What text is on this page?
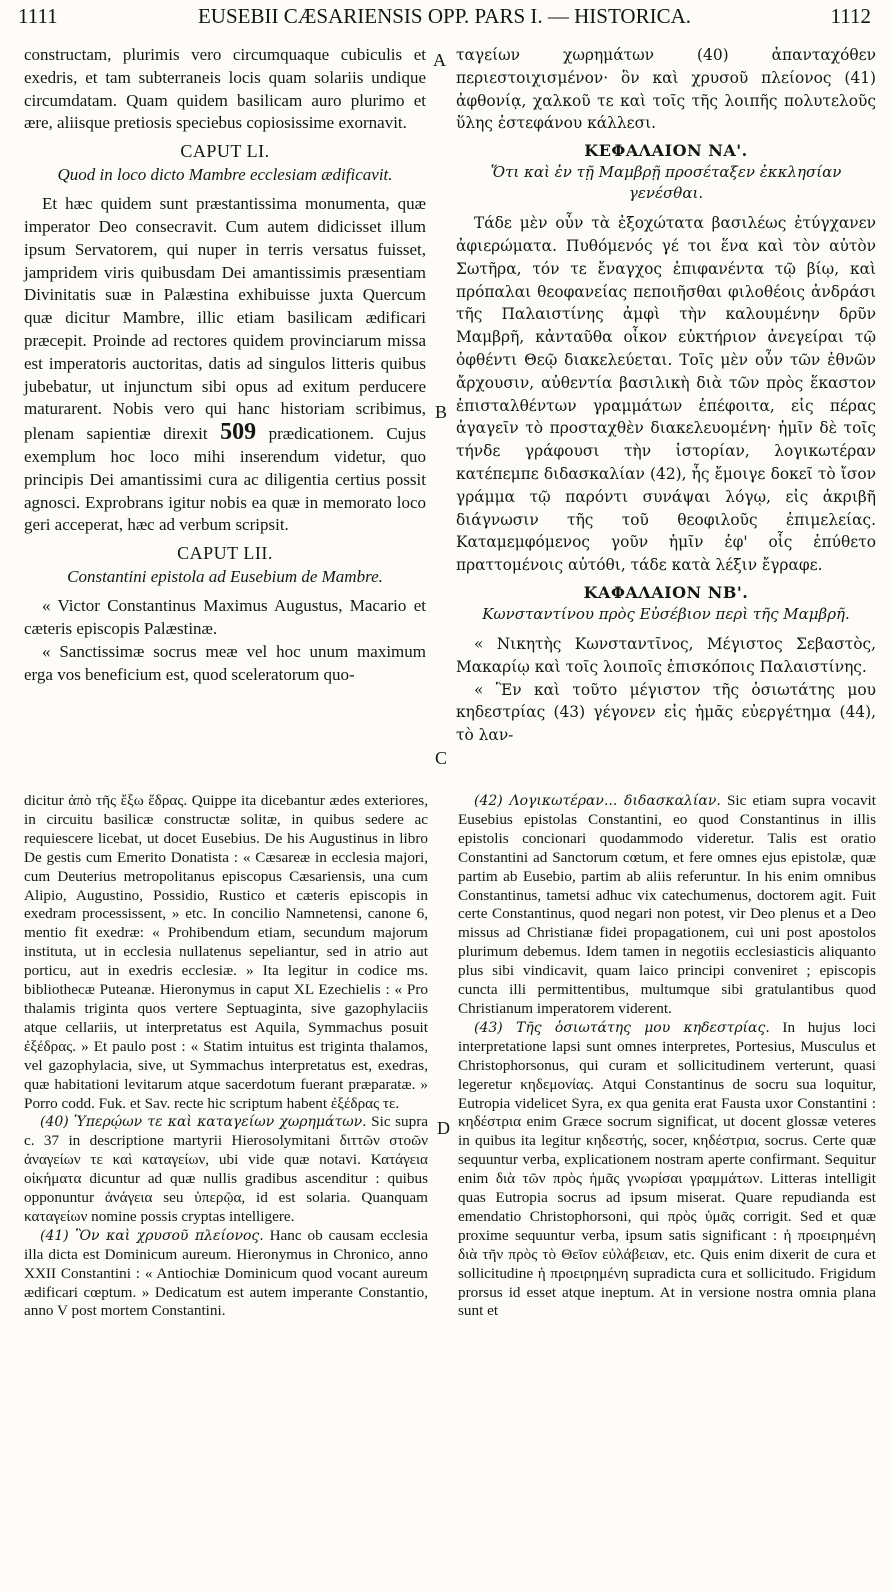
1111	EUSEBII CÆSARIENSIS OPP. PARS I. — HISTORICA.	1112

constructam, plurimis vero circumquaque cubiculis et exedris, et tam subterraneis locis quam solariis undique circumdatam. Quam quidem basilicam auro plurimo et ære, aliisque pretiosis speciebus copiosissime exornavit.

CAPUT LI.
Quod in loco dicto Mambre ecclesiam ædificavit.

Et hæc quidem sunt præstantissima monumenta, quæ imperator Deo consecravit. Cum autem didicisset illum ipsum Servatorem, qui nuper in terris versatus fuisset, jampridem viris quibusdam Dei amantissimis præsentiam Divinitatis suæ in Palæstina exhibuisse juxta Quercum quæ dicitur Mambre, illic etiam basilicam ædificari præcepit. Proinde ad rectores quidem provinciarum missa est imperatoris auctoritas, datis ad singulos litteris quibus jubebatur, ut injunctum sibi opus ad exitum perducere maturarent. Nobis vero qui hanc historiam scribimus, plenam sapientiæ direxit 509 prædicationem. Cujus exemplum hoc loco mihi inserendum videtur, quo principis Dei amantissimi cura ac diligentia certius possit agnosci. Exprobrans igitur nobis ea quæ in memorato loco geri acceperat, hæc ad verbum scripsit.

CAPUT LII.
Constantini epistola ad Eusebium de Mambre.

« Victor Constantinus Maximus Augustus, Macario et cæteris episcopis Palæstinæ.

« Sanctissimæ socrus meæ vel hoc unum maximum erga vos beneficium est, quod sceleratorum quo-

A
B
C
D

ταγείων χωρημάτων (40) ἀπανταχόθεν περιεστοιχισμένον· ὃν καὶ χρυσοῦ πλείονος (41) ἀφθονίᾳ, χαλκοῦ τε καὶ τοῖς τῆς λοιπῆς πολυτελοῦς ὕλης ἐστεφάνου κάλλεσι.

ΚΕΦΑΛΑΙΟΝ ΝΑ'.
Ὅτι καὶ ἐν τῇ Μαμβρῇ προσέταξεν ἐκκλησίαν γενέσθαι.

Τάδε μὲν οὖν τὰ ἐξοχώτατα βασιλέως ἐτύγχανεν ἀφιερώματα. Πυθόμενός γέ τοι ἕνα καὶ τὸν αὐτὸν Σωτῆρα, τόν τε ἔναγχος ἐπιφανέντα τῷ βίῳ, καὶ πρόπαλαι θεοφανείας πεποιῆσθαι φιλοθέοις ἀνδράσι τῆς Παλαιστίνης ἀμφὶ τὴν καλουμένην δρῦν Μαμβρῆ, κἀνταῦθα οἶκον εὐκτήριον ἀνεγείραι τῷ ὀφθέντι Θεῷ διακελεύεται. Τοῖς μὲν οὖν τῶν ἐθνῶν ἄρχουσιν, αὐθεντία βασιλικὴ διὰ τῶν πρὸς ἕκαστον ἐπισταλθέντων γραμμάτων ἐπέφοιτα, εἰς πέρας ἀγαγεῖν τὸ προσταχθὲν διακελευομένη· ἡμῖν δὲ τοῖς τήνδε γράφουσι τὴν ἱστορίαν, λογικωτέραν κατέπεμπε διδασκαλίαν (42), ἧς ἔμοιγε δοκεῖ τὸ ἴσον γράμμα τῷ παρόντι συνάψαι λόγῳ, εἰς ἀκριβῆ διάγνωσιν τῆς τοῦ θεοφιλοῦς ἐπιμελείας. Καταμεμφόμενος γοῦν ἡμῖν ἐφ' οἷς ἐπύθετο πραττομένοις αὐτόθι, τάδε κατὰ λέξιν ἔγραφε.

ΚΑΦΑΛΑΙΟΝ ΝΒ'.
Κωνσταντίνου πρὸς Εὐσέβιον περὶ τῆς Μαμβρῆ.

« Νικητὴς Κωνσταντῖνος, Μέγιστος Σεβαστὸς, Μακαρίῳ καὶ τοῖς λοιποῖς ἐπισκόποις Παλαιστίνης.

« Ἓν καὶ τοῦτο μέγιστον τῆς ὁσιωτάτης μου κηδεστρίας (43) γέγονεν εἰς ἡμᾶς εὐεργέτημα (44), τὸ λαν-

dicitur ἀπὸ τῆς ἔξω ἕδρας. Quippe ita dicebantur ædes exteriores, in circuitu basilicæ constructæ solitæ, in quibus sedere ac requiescere licebat, ut docet Eusebius. De his Augustinus in libro De gestis cum Emerito Donatista : « Cæsareæ in ecclesia majori, cum Deuterius metropolitanus episcopus Cæsariensis, una cum Alipio, Augustino, Possidio, Rustico et cæteris episcopis in exedram processissent, » etc. In concilio Namnetensi, canone 6, mentio fit exedræ: « Prohibendum etiam, secundum majorum instituta, ut in ecclesia nullatenus sepeliantur, sed in atrio aut porticu, aut in exedris ecclesiæ. » Ita legitur in codice ms. bibliothecæ Puteanæ. Hieronymus in caput XL Ezechielis : « Pro thalamis triginta quos vertere Septuaginta, sive gazophylaciis atque cellariis, ut interpretatus est Aquila, Symmachus posuit ἐξέδρας. » Et paulo post : « Statim intuitus est triginta thalamos, vel gazophylacia, sive, ut Symmachus interpretatus est, exedras, quæ habitationi levitarum atque sacerdotum fuerant præparatæ. » Porro codd. Fuk. et Sav. recte hic scriptum habent ἐξέδρας τε.

(40) Ὑπερῴων τε καὶ καταγείων χωρημάτων. Sic supra c. 37 in descriptione martyrii Hierosolymitani διττῶν στοῶν ἀναγείων τε καὶ καταγείων, ubi vide quæ notavi. Κατάγεια οἰκήματα dicuntur ad quæ nullis gradibus ascenditur : quibus opponuntur ἀνάγεια seu ὑπερῷα, id est solaria. Quanquam καταγείων nomine possis cryptas intelligere.

(41) Ὃν καὶ χρυσοῦ πλείονος. Hanc ob causam ecclesia illa dicta est Dominicum aureum. Hieronymus in Chronico, anno XXII Constantini : « Antiochiæ Dominicum quod vocant aureum ædificari cœptum. » Dedicatum est autem imperante Constantio, anno V post mortem Constantini.

(42) Λογικωτέραν... διδασκαλίαν. Sic etiam supra vocavit Eusebius epistolas Constantini, eo quod Constantinus in illis epistolis concionari quodammodo videretur. Talis est oratio Constantini ad Sanctorum cœtum, et fere omnes ejus epistolæ, quæ partim ab Eusebio, partim ab aliis referuntur. In his enim omnibus Constantinus, tametsi adhuc vix catechumenus, doctorem agit. Fuit certe Constantinus, quod negari non potest, vir Deo plenus et a Deo missus ad Christianæ fidei propagationem, cui uni post apostolos plurimum debemus. Idem tamen in negotiis ecclesiasticis aliquanto plus sibi vindicavit, quam laico principi conveniret ; episcopis cuncta illi permittentibus, multumque sibi gratulantibus quod Christianum imperatorem viderent.

(43) Τῆς ὁσιωτάτης μου κηδεστρίας. In hujus loci interpretatione lapsi sunt omnes interpretes, Portesius, Musculus et Christophorsonus, qui curam et sollicitudinem verterunt, quasi legeretur κηδεμονίας. Atqui Constantinus de socru sua loquitur, Eutropia videlicet Syra, ex qua genita erat Fausta uxor Constantini : κηδέστρια enim Græce socrum significat, ut docent glossæ veteres in quibus ita legitur κηδεστής, socer, κηδέστρια, socrus. Certe quæ sequuntur verba, explicationem nostram aperte confirmant. Sequitur enim διὰ τῶν πρὸς ἡμᾶς γνωρίσαι γραμμάτων. Litteras intelligit quas Eutropia socrus ad ipsum miserat. Quare repudianda est emendatio Christophorsoni, qui πρὸς ὑμᾶς corrigit. Sed et quæ proxime sequuntur verba, ipsum satis significant : ἡ προειρημένη διὰ τῆν πρὸς τὸ Θεῖον εὐλάβειαν, etc. Quis enim dixerit de cura et sollicitudine ἡ προειρημένη supradicta cura et sollicitudo. Frigidum prorsus id esset atque ineptum. At in versione nostra omnia plana sunt et
